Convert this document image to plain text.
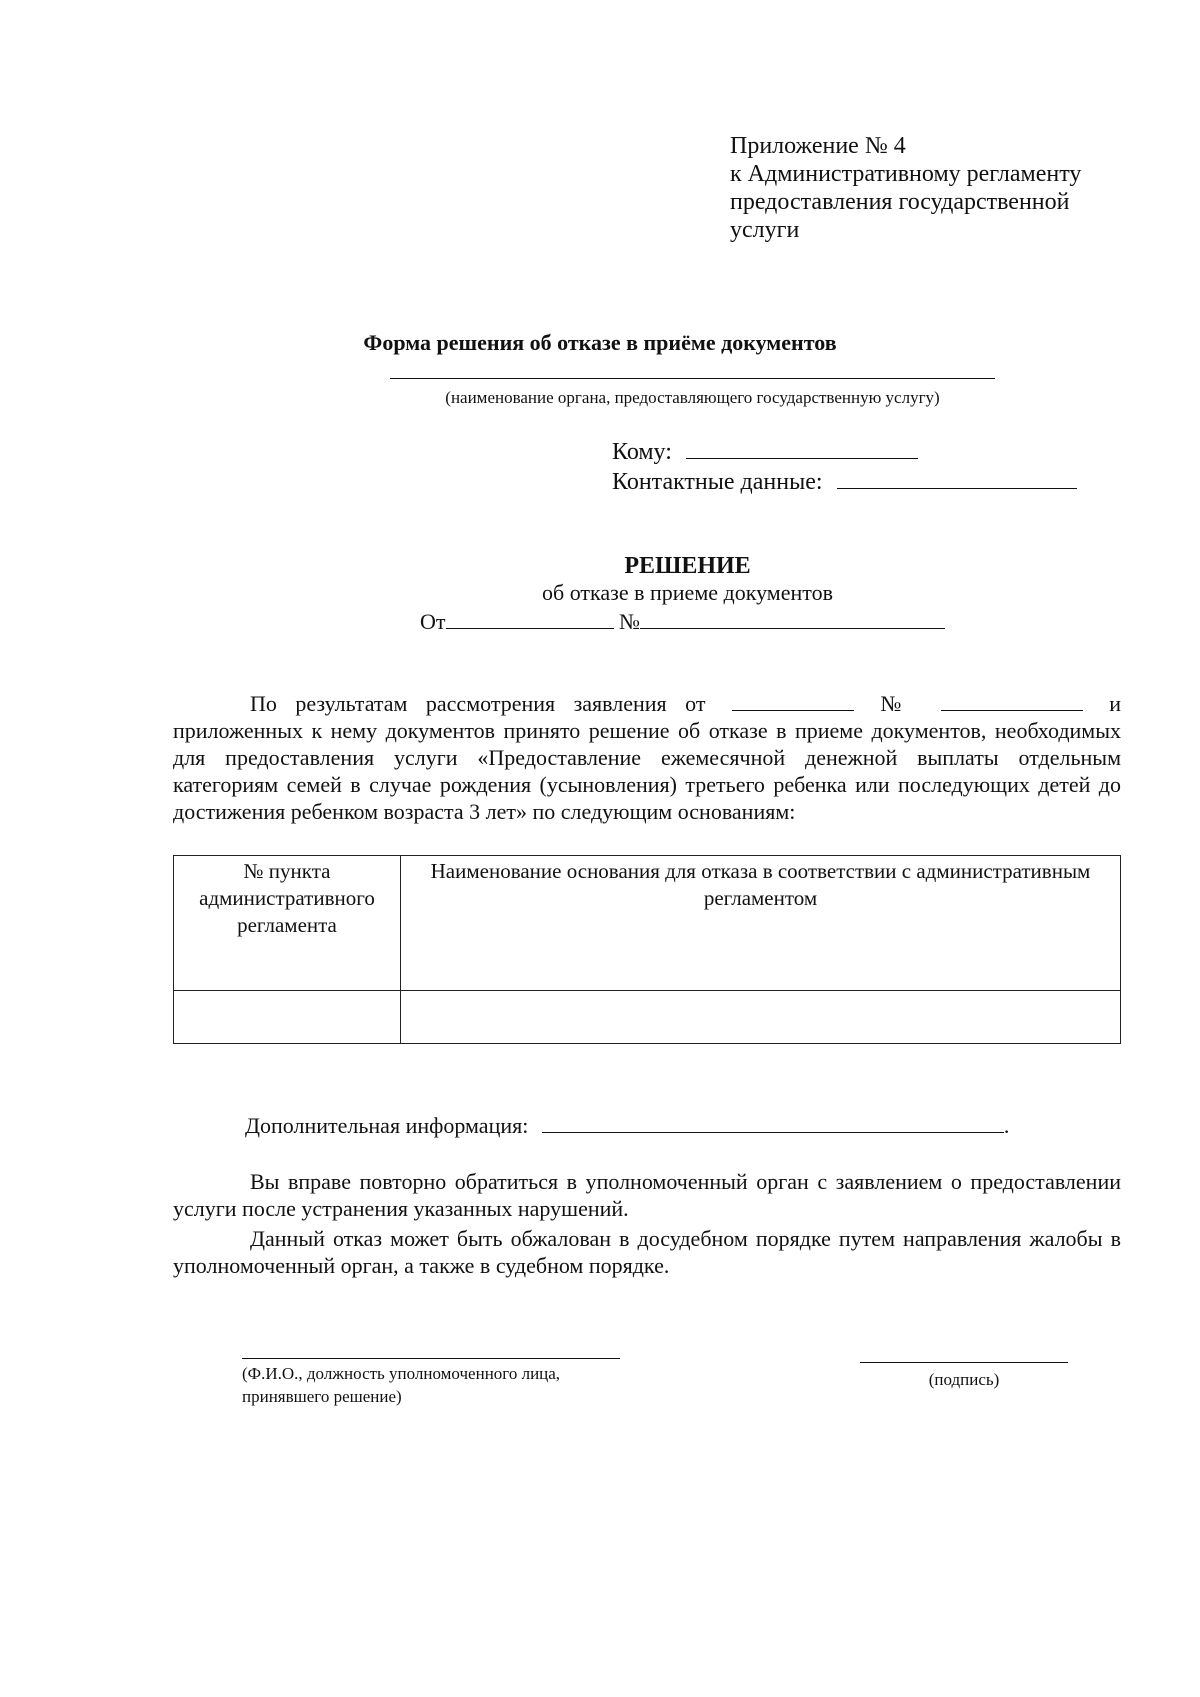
Приложение № 4
к Административному регламенту
предоставления государственной
услуги
Форма решения об отказе в приёме документов
(наименование органа, предоставляющего государственную услугу)
Кому:
Контактные данные:
РЕШЕНИЕ
об отказе в приеме документов
От	№
По результатам рассмотрения заявления от	№	и приложенных к нему документов принято решение об отказе в приеме документов, необходимых для предоставления услуги «Предоставление ежемесячной денежной выплаты отдельным категориям семей в случае рождения (усыновления) третьего ребенка или последующих детей до достижения ребенком возраста 3 лет» по следующим основаниям:
№ пункта административного регламента	Наименование основания для отказа в соответствии с административным регламентом

Дополнительная информация:	.
Вы вправе повторно обратиться в уполномоченный орган с заявлением о предоставлении услуги после устранения указанных нарушений.
Данный отказ может быть обжалован в досудебном порядке путем направления жалобы в уполномоченный орган, а также в судебном порядке.
(Ф.И.О., должность уполномоченного лица, принявшего решение)
(подпись)
